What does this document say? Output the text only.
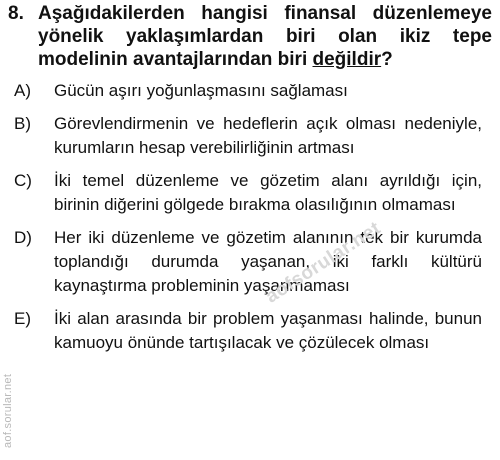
8. Aşağıdakilerden hangisi finansal düzenlemeye yönelik yaklaşımlardan biri olan ikiz tepe modelinin avantajlarından biri değildir?
A)	Gücün aşırı yoğunlaşmasını sağlaması
B)	Görevlendirmenin ve hedeflerin açık olması nedeniyle, kurumların hesap verebilirliğinin artması
C)	İki temel düzenleme ve gözetim alanı ayrıldığı için, birinin diğerini gölgede bırakma olasılığının olmaması
D)	Her iki düzenleme ve gözetim alanının tek bir kurumda toplandığı durumda yaşanan, iki farklı kültürü kaynaştırma probleminin yaşanmaması
E)	İki alan arasında bir problem yaşanması halinde, bunun kamuoyu önünde tartışılacak ve çözülecek olması
aof.sorular.net
aofsorular.net
